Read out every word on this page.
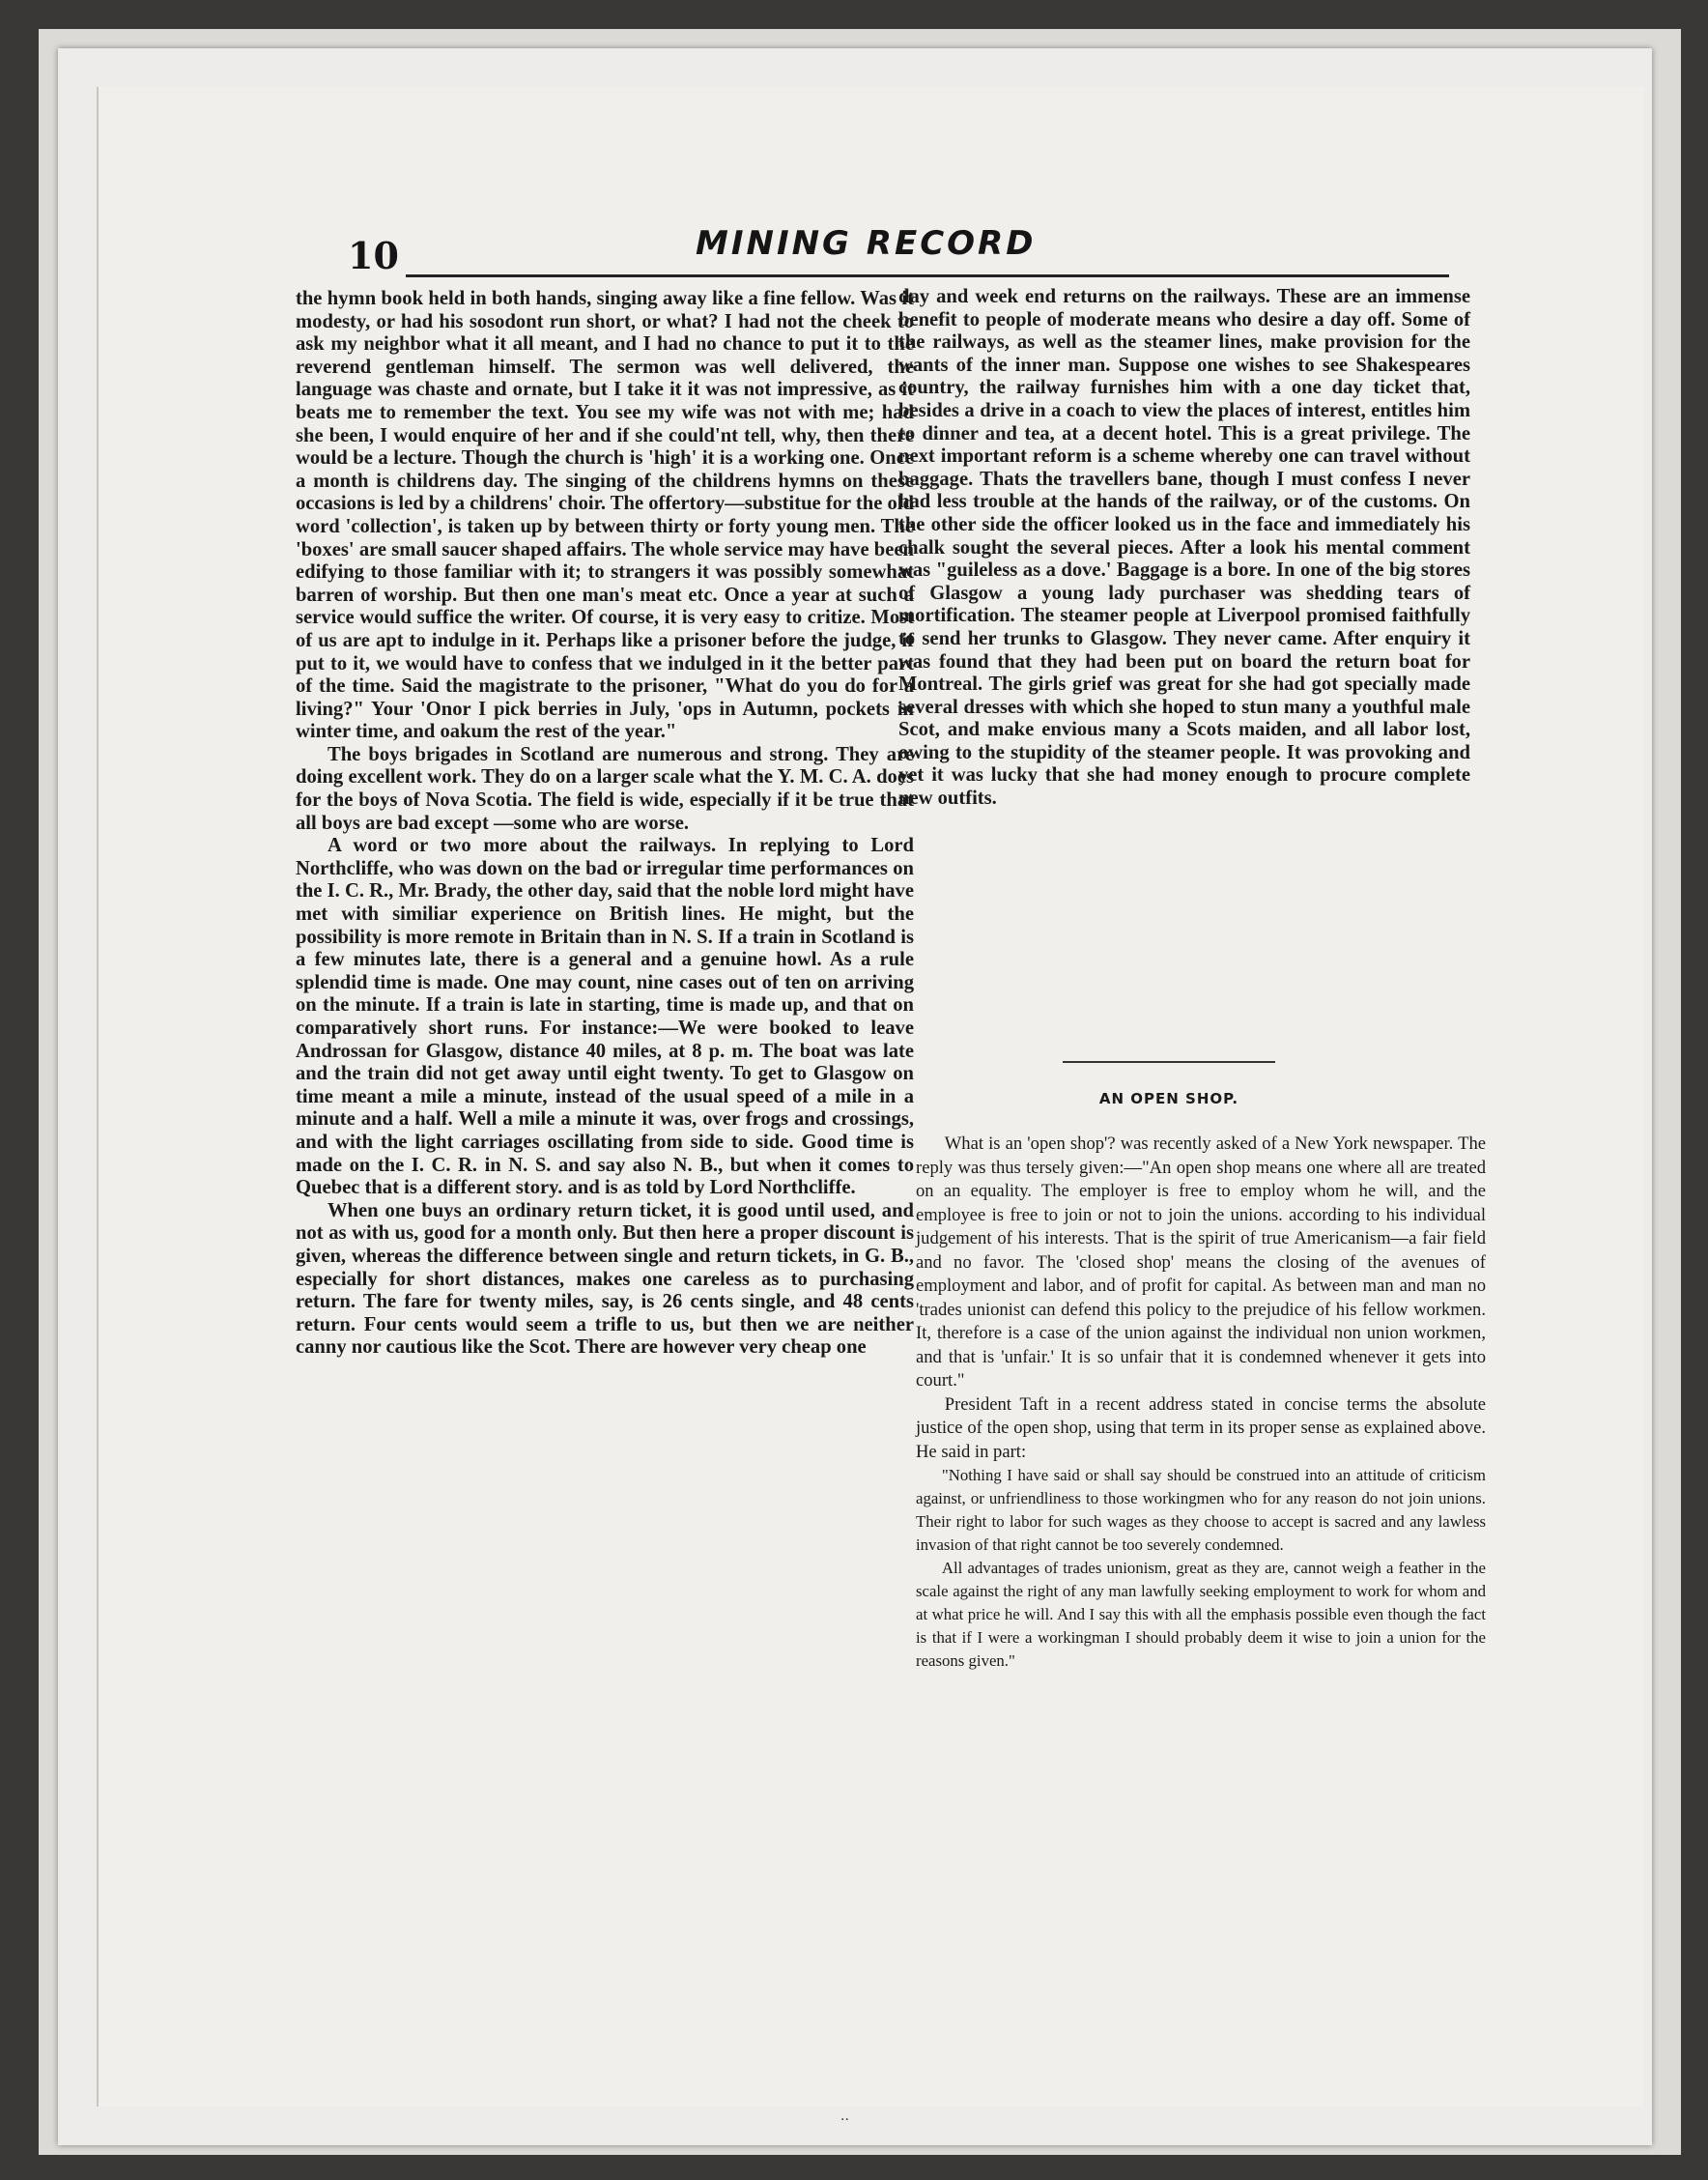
10	MINING RECORD

the hymn book held in both hands, singing away like a fine fellow. Was it modesty, or had his sosodont run short, or what? I had not the cheek to ask my neighbor what it all meant, and I had no chance to put it to the reverend gentleman himself. The sermon was well delivered, the language was chaste and ornate, but I take it it was not impressive, as it beats me to remember the text. You see my wife was not with me; had she been, I would enquire of her and if she could'nt tell, why, then there would be a lecture. Though the church is 'high' it is a working one. Once a month is childrens day. The singing of the childrens hymns on these occasions is led by a childrens' choir. The offertory—substitue for the old word 'collection', is taken up by between thirty or forty young men. The 'boxes' are small saucer shaped affairs. The whole service may have been edifying to those familiar with it; to strangers it was possibly somewhat barren of worship. But then one man's meat etc. Once a year at such a service would suffice the writer. Of course, it is very easy to critize. Most of us are apt to indulge in it. Perhaps like a prisoner before the judge, if put to it, we would have to confess that we indulged in it the better part of the time. Said the magistrate to the prisoner, "What do you do for a living?" Your 'Onor I pick berries in July, 'ops in Autumn, pockets in winter time, and oakum the rest of the year."

The boys brigades in Scotland are numerous and strong. They are doing excellent work. They do on a larger scale what the Y. M. C. A. does for the boys of Nova Scotia. The field is wide, especially if it be true that all boys are bad except —some who are worse.

A word or two more about the railways. In replying to Lord Northcliffe, who was down on the bad or irregular time performances on the I. C. R., Mr. Brady, the other day, said that the noble lord might have met with similiar experience on British lines. He might, but the possibility is more remote in Britain than in N. S. If a train in Scotland is a few minutes late, there is a general and a genuine howl. As a rule splendid time is made. One may count, nine cases out of ten on arriving on the minute. If a train is late in starting, time is made up, and that on comparatively short runs. For instance:—We were booked to leave Androssan for Glasgow, distance 40 miles, at 8 p. m. The boat was late and the train did not get away until eight twenty. To get to Glasgow on time meant a mile a minute, instead of the usual speed of a mile in a minute and a half. Well a mile a minute it was, over frogs and crossings, and with the light carriages oscillating from side to side. Good time is made on the I. C. R. in N. S. and say also N. B., but when it comes to Quebec that is a different story. and is as told by Lord Northcliffe.

When one buys an ordinary return ticket, it is good until used, and not as with us, good for a month only. But then here a proper discount is given, whereas the difference between single and return tickets, in G. B., especially for short distances, makes one careless as to purchasing return. The fare for twenty miles, say, is 26 cents single, and 48 cents return. Four cents would seem a trifle to us, but then we are neither canny nor cautious like the Scot. There are however very cheap one

day and week end returns on the railways. These are an immense benefit to people of moderate means who desire a day off. Some of the railways, as well as the steamer lines, make provision for the wants of the inner man. Suppose one wishes to see Shakespeares country, the railway furnishes him with a one day ticket that, besides a drive in a coach to view the places of interest, entitles him to dinner and tea, at a decent hotel. This is a great privilege. The next important reform is a scheme whereby one can travel without baggage. Thats the travellers bane, though I must confess I never had less trouble at the hands of the railway, or of the customs. On the other side the officer looked us in the face and immediately his chalk sought the several pieces. After a look his mental comment was "guileless as a dove.' Baggage is a bore. In one of the big stores of Glasgow a young lady purchaser was shedding tears of mortification. The steamer people at Liverpool promised faithfully to send her trunks to Glasgow. They never came. After enquiry it was found that they had been put on board the return boat for Montreal. The girls grief was great for she had got specially made several dresses with which she hoped to stun many a youthful male Scot, and make envious many a Scots maiden, and all labor lost, owing to the stupidity of the steamer people. It was provoking and yet it was lucky that she had money enough to procure complete new outfits.

AN OPEN SHOP.

What is an 'open shop'? was recently asked of a New York newspaper. The reply was thus tersely given:—"An open shop means one where all are treated on an equality. The employer is free to employ whom he will, and the employee is free to join or not to join the unions. according to his individual judgement of his interests. That is the spirit of true Americanism—a fair field and no favor. The 'closed shop' means the closing of the avenues of employment and labor, and of profit for capital. As between man and man no 'trades unionist can defend this policy to the prejudice of his fellow workmen. It, therefore is a case of the union against the individual non union workmen, and that is 'unfair.' It is so unfair that it is condemned whenever it gets into court."

President Taft in a recent address stated in concise terms the absolute justice of the open shop, using that term in its proper sense as explained above. He said in part:

"Nothing I have said or shall say should be construed into an attitude of criticism against, or unfriendliness to those workingmen who for any reason do not join unions. Their right to labor for such wages as they choose to accept is sacred and any lawless invasion of that right cannot be too severely condemned.

All advantages of trades unionism, great as they are, cannot weigh a feather in the scale against the right of any man lawfully seeking employment to work for whom and at what price he will. And I say this with all the emphasis possible even though the fact is that if I were a workingman I should probably deem it wise to join a union for the reasons given."

··
